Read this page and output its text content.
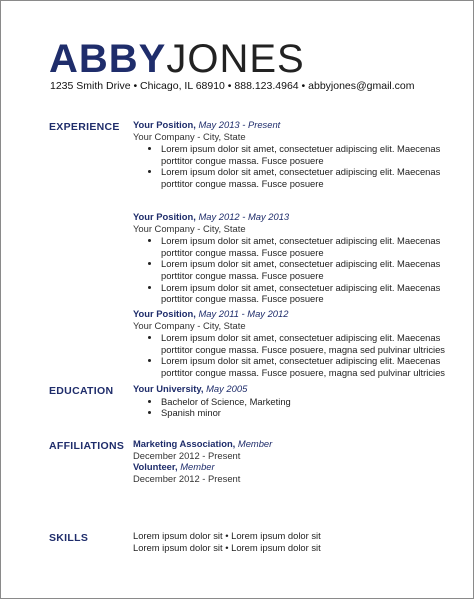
ABBYJONES
1235 Smith Drive • Chicago, IL 68910 • 888.123.4964 • abbyjones@gmail.com
EXPERIENCE Your Position, May 2013 - Present
Your Company - City, State
• Lorem ipsum dolor sit amet, consectetuer adipiscing elit. Maecenas porttitor congue massa. Fusce posuere
• Lorem ipsum dolor sit amet, consectetuer adipiscing elit. Maecenas porttitor congue massa. Fusce posuere
Your Position, May 2012 - May 2013
Your Company - City, State
• Lorem ipsum dolor sit amet, consectetuer adipiscing elit. Maecenas porttitor congue massa. Fusce posuere
• Lorem ipsum dolor sit amet, consectetuer adipiscing elit. Maecenas porttitor congue massa. Fusce posuere
• Lorem ipsum dolor sit amet, consectetuer adipiscing elit. Maecenas porttitor congue massa. Fusce posuere
Your Position, May 2011 - May 2012
Your Company - City, State
• Lorem ipsum dolor sit amet, consectetuer adipiscing elit. Maecenas porttitor congue massa. Fusce posuere, magna sed pulvinar ultricies
• Lorem ipsum dolor sit amet, consectetuer adipiscing elit. Maecenas porttitor congue massa. Fusce posuere, magna sed pulvinar ultricies
EDUCATION Your University, May 2005
• Bachelor of Science, Marketing
• Spanish minor
AFFILIATIONS Marketing Association, Member
December 2012 - Present
Volunteer, Member
December 2012 - Present
SKILLS	Lorem ipsum dolor sit • Lorem ipsum dolor sit
Lorem ipsum dolor sit • Lorem ipsum dolor sit
